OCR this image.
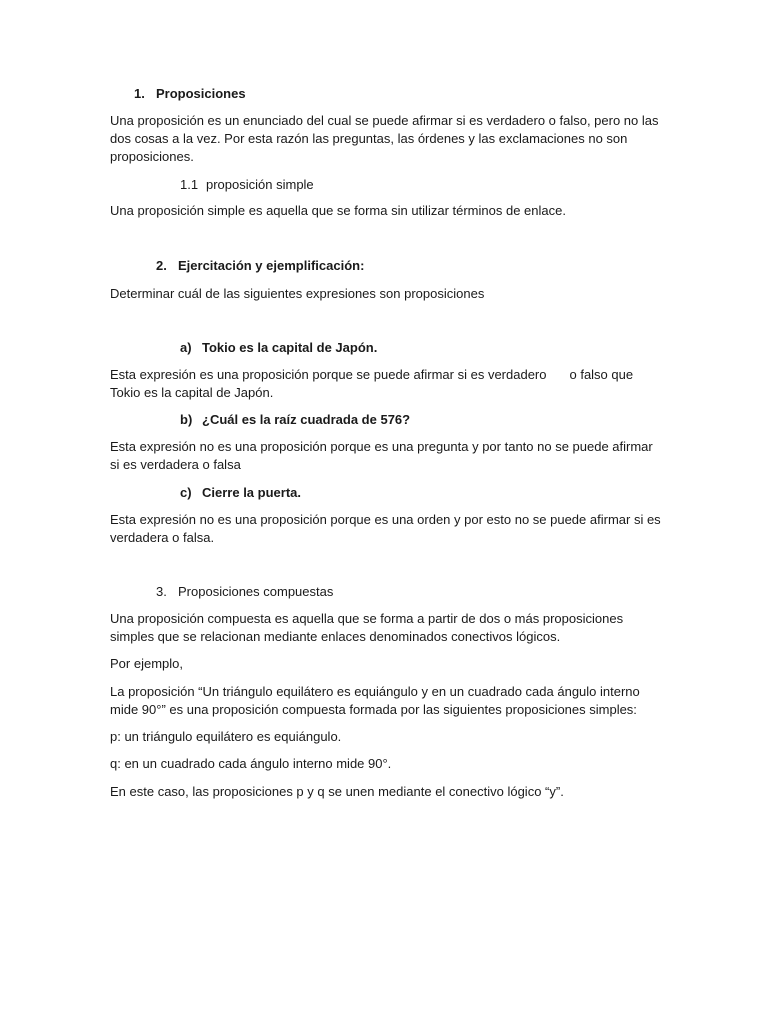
1. Proposiciones
Una proposición es un enunciado del cual se puede afirmar si es verdadero o falso, pero no las
dos cosas a la vez. Por esta razón las preguntas, las órdenes y las exclamaciones no son
proposiciones.
1.1 proposición simple
Una proposición simple es aquella que se forma sin utilizar términos de enlace.
2. Ejercitación y ejemplificación:
Determinar cuál de las siguientes expresiones son proposiciones
a) Tokio es la capital de Japón.
Esta expresión es una proposición porque se puede afirmar si es verdadero o falso que
Tokio es la capital de Japón.
b) ¿Cuál es la raíz cuadrada de 576?
Esta expresión no es una proposición porque es una pregunta y por tanto no se puede afirmar
si es verdadera o falsa
c) Cierre la puerta.
Esta expresión no es una proposición porque es una orden y por esto no se puede afirmar si es
verdadera o falsa.
3. Proposiciones compuestas
Una proposición compuesta es aquella que se forma a partir de dos o más proposiciones
simples que se relacionan mediante enlaces denominados conectivos lógicos.
Por ejemplo,
La proposición “Un triángulo equilátero es equiángulo y en un cuadrado cada ángulo interno
mide 90°” es una proposición compuesta formada por las siguientes proposiciones simples:
p: un triángulo equilátero es equiángulo.
q: en un cuadrado cada ángulo interno mide 90°.
En este caso, las proposiciones p y q se unen mediante el conectivo lógico “y”.
